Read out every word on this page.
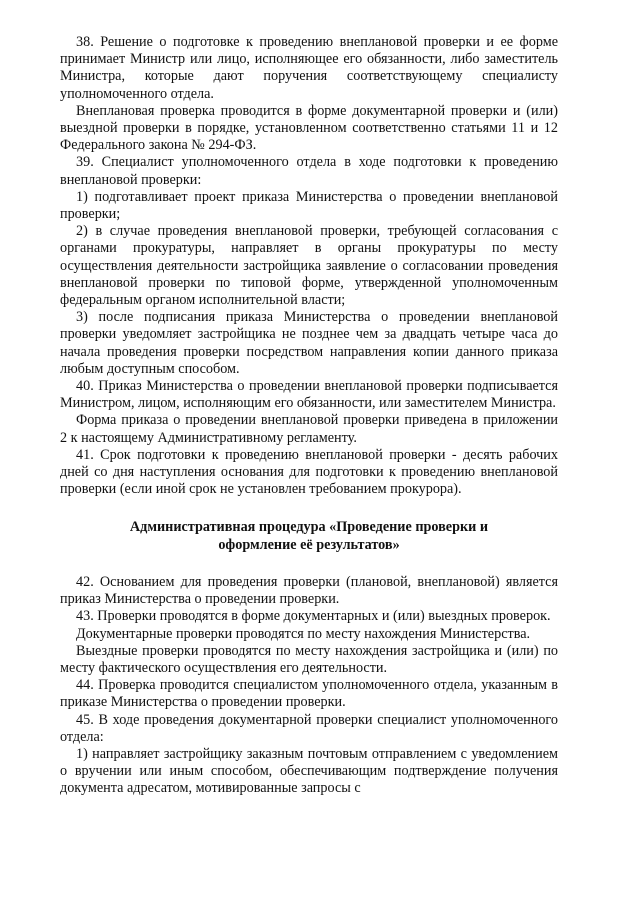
38. Решение о подготовке к проведению внеплановой проверки и ее форме принимает Министр или лицо, исполняющее его обязанности, либо заместитель Министра, которые дают поручения соответствующему специалисту уполномоченного отдела.

Внеплановая проверка проводится в форме документарной проверки и (или) выездной проверки в порядке, установленном соответственно статьями 11 и 12 Федерального закона № 294-ФЗ.

39. Специалист уполномоченного отдела в ходе подготовки к проведению внеплановой проверки:

1) подготавливает проект приказа Министерства о проведении внеплановой проверки;

2) в случае проведения внеплановой проверки, требующей согласования с органами прокуратуры, направляет в органы прокуратуры по месту осуществления деятельности застройщика заявление о согласовании проведения внеплановой проверки по типовой форме, утвержденной уполномоченным федеральным органом исполнительной власти;

3) после подписания приказа Министерства о проведении внеплановой проверки уведомляет застройщика не позднее чем за двадцать четыре часа до начала проведения проверки посредством направления копии данного приказа любым доступным способом.

40. Приказ Министерства о проведении внеплановой проверки подписывается Министром, лицом, исполняющим его обязанности, или заместителем Министра.

Форма приказа о проведении внеплановой проверки приведена в приложении 2 к настоящему Административному регламенту.

41. Срок подготовки к проведению внеплановой проверки - десять рабочих дней со дня наступления основания для подготовки к проведению внеплановой проверки (если иной срок не установлен требованием прокурора).

Административная процедура «Проведение проверки и
оформление её результатов»

42. Основанием для проведения проверки (плановой, внеплановой) является приказ Министерства о проведении проверки.

43. Проверки проводятся в форме документарных и (или) выездных проверок.

Документарные проверки проводятся по месту нахождения Министерства.

Выездные проверки проводятся по месту нахождения застройщика и (или) по месту фактического осуществления его деятельности.

44. Проверка проводится специалистом уполномоченного отдела, указанным в приказе Министерства о проведении проверки.

45. В ходе проведения документарной проверки специалист уполномоченного отдела:

1) направляет застройщику заказным почтовым отправлением с уведомлением о вручении или иным способом, обеспечивающим подтверждение получения документа адресатом, мотивированные запросы с
